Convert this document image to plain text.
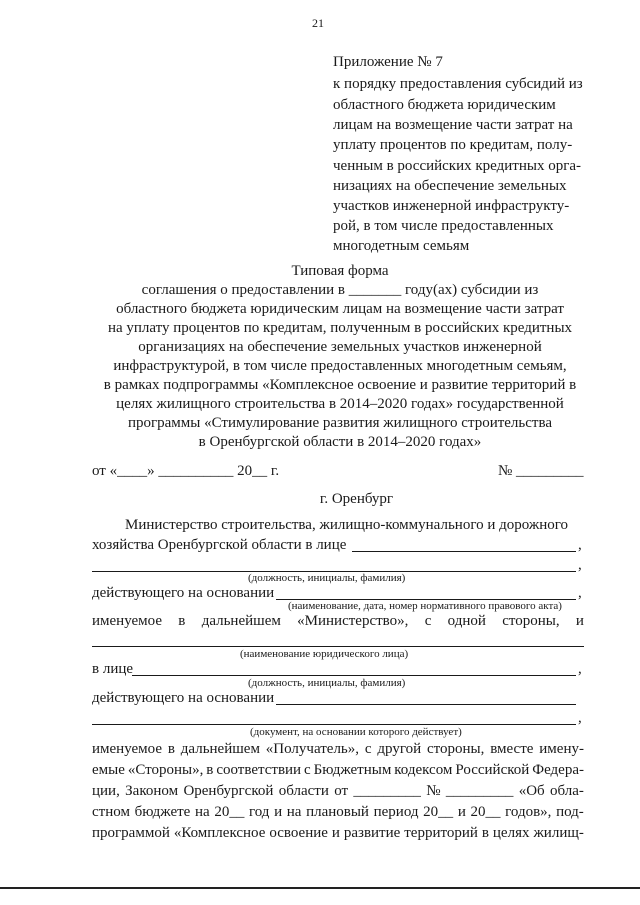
21
Приложение № 7
к порядку предоставления субсидий из
областного бюджета юридическим
лицам на возмещение части затрат на
уплату процентов по кредитам, полу-
ченным в российских кредитных орга-
низациях на обеспечение земельных
участков инженерной инфраструкту-
рой, в том числе предоставленных
многодетным семьям
Типовая форма
соглашения о предоставлении в _______ году(ах) субсидии из
областного бюджета юридическим лицам на возмещение части затрат
на уплату процентов по кредитам, полученным в российских кредитных
организациях на обеспечение земельных участков инженерной
инфраструктурой, в том числе предоставленных многодетным семьям,
в рамках подпрограммы «Комплексное освоение и развитие территорий в
целях жилищного строительства в 2014–2020 годах» государственной
программы «Стимулирование развития жилищного строительства
в Оренбургской области в 2014–2020 годах»
от «____» __________ 20__ г.	№ _________
г. Оренбург
Министерство строительства, жилищно-коммунального и дорожного
хозяйства Оренбургской области в лице	,
,
(должность, инициалы, фамилия)
действующего на основании	,
(наименование, дата, номер нормативного правового акта)
именуемое в дальнейшем «Министерство», с одной стороны, и
(наименование юридического лица)
в лице	,
(должность, инициалы, фамилия)
действующего на основании
,
(документ, на основании которого действует)
именуемое в дальнейшем «Получатель», с другой стороны, вместе имену-
емые «Стороны», в соответствии с Бюджетным кодексом Российской Федера-
ции, Законом Оренбургской области от _________ № _________ «Об обла-
стном бюджете на 20__ год и на плановый период 20__ и 20__ годов», под-
программой «Комплексное освоение и развитие территорий в целях жилищ-
